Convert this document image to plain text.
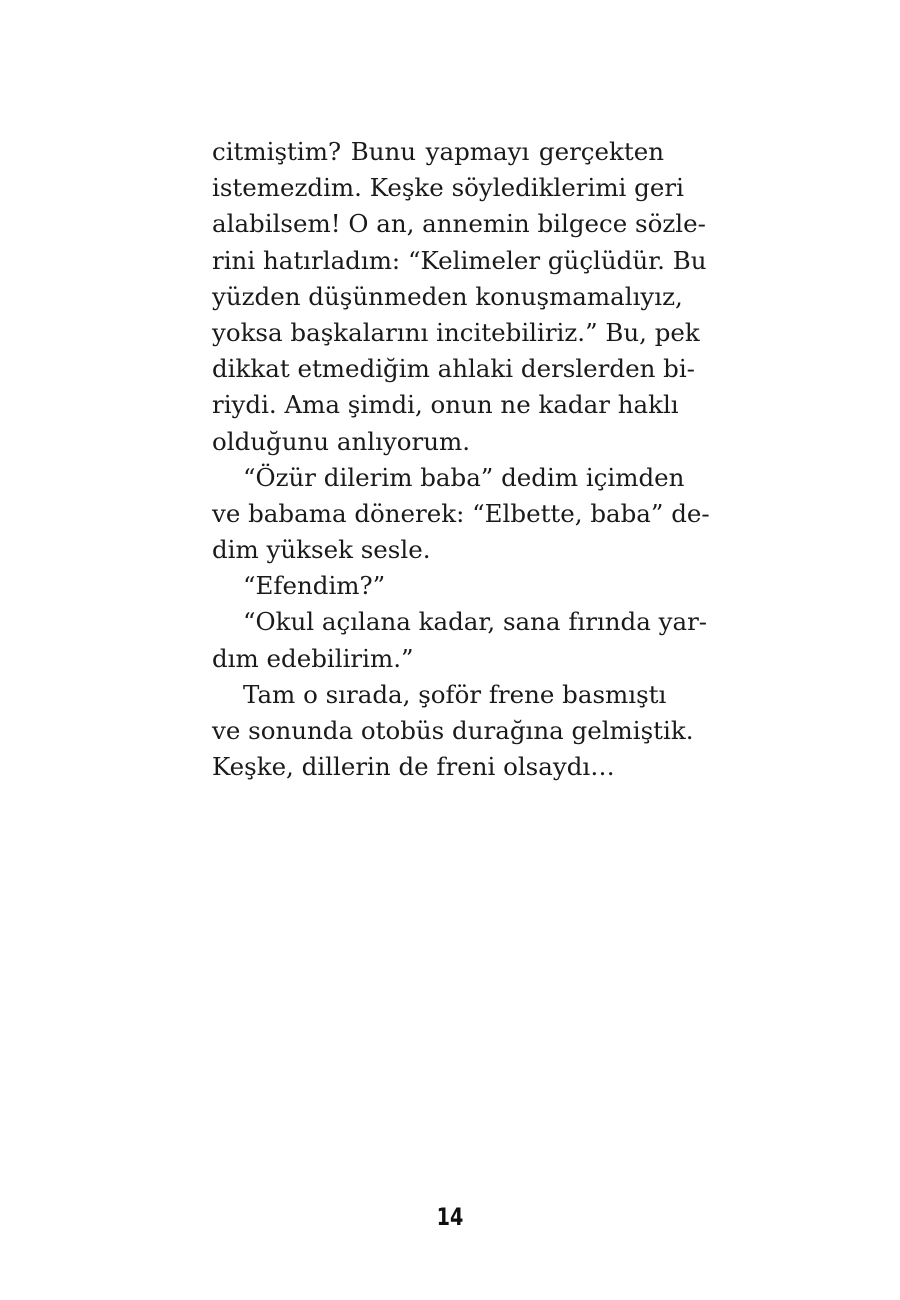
citmiştim? Bunu yapmayı gerçekten
istemezdim. Keşke söylediklerimi geri
alabilsem! O an, annemin bilgece sözle-
rini hatırladım: “Kelimeler güçlüdür. Bu
yüzden düşünmeden konuşmamalıyız,
yoksa başkalarını incitebiliriz.” Bu, pek
dikkat etmediğim ahlaki derslerden bi-
riydi. Ama şimdi, onun ne kadar haklı
olduğunu anlıyorum.
“Özür dilerim baba” dedim içimden
ve babama dönerek: “Elbette, baba” de-
dim yüksek sesle.
“Efendim?”
“Okul açılana kadar, sana fırında yar-
dım edebilirim.”
Tam o sırada, şoför frene basmıştı
ve sonunda otobüs durağına gelmiştik.
Keşke, dillerin de freni olsaydı…
14
